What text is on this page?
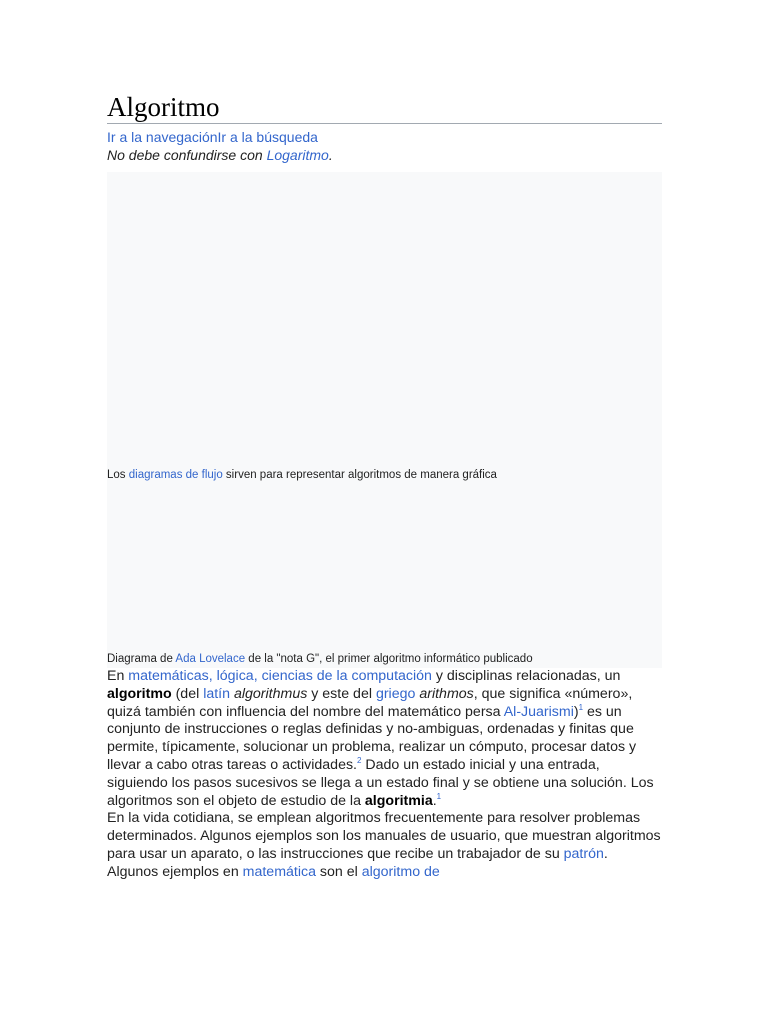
Algoritmo
Ir a la navegaciónIr a la búsqueda
No debe confundirse con Logaritmo.
Los diagramas de flujo sirven para representar algoritmos de manera gráfica
Diagrama de Ada Lovelace de la "nota G", el primer algoritmo informático publicado

En matemáticas, lógica, ciencias de la computación y disciplinas relacionadas, un algoritmo (del latín algorithmus y este del griego arithmos, que significa «número», quizá también con influencia del nombre del matemático persa Al-Juarismi)$^1$ es un conjunto de instrucciones o reglas definidas y no-ambiguas, ordenadas y finitas que permite, típicamente, solucionar un problema, realizar un cómputo, procesar datos y llevar a cabo otras tareas o actividades.$^2$ Dado un estado inicial y una entrada, siguiendo los pasos sucesivos se llega a un estado final y se obtiene una solución. Los algoritmos son el objeto de estudio de la algoritmia.$^1$

En la vida cotidiana, se emplean algoritmos frecuentemente para resolver problemas determinados. Algunos ejemplos son los manuales de usuario, que muestran algoritmos para usar un aparato, o las instrucciones que recibe un trabajador de su patrón. Algunos ejemplos en matemática son el algoritmo de
